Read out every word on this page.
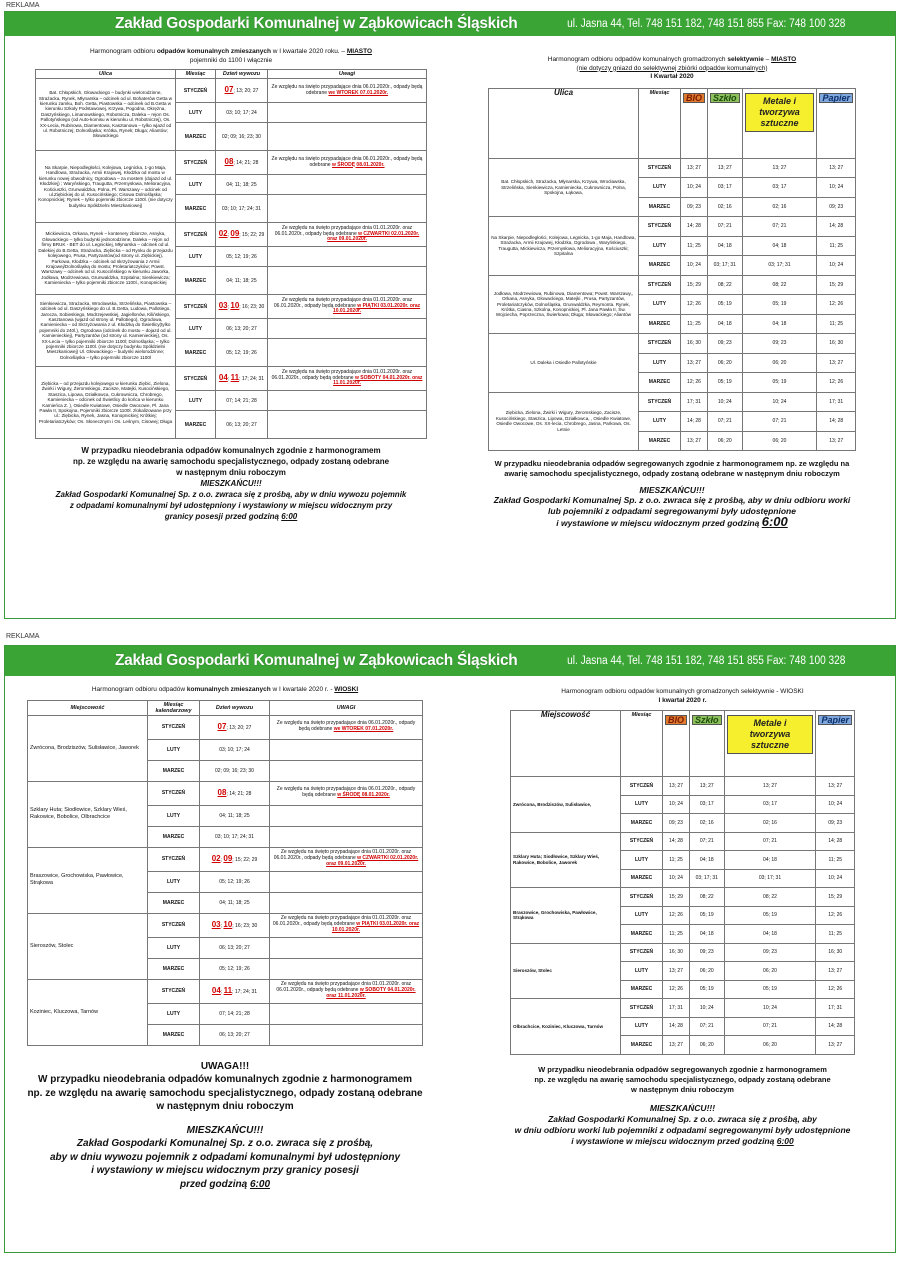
REKLAMA
Zakład Gospodarki Komunalnej w Ząbkowicach Śląskich	ul. Jasna 44, Tel. 748 151 182, 748 151 855 Fax: 748 100 328
Harmonogram odbioru odpadów komunalnych zmieszanych w I kwartale 2020 roku. – MIASTO
pojemniki do 1100 l włącznie
Ulica	Miesiąc	Dzień wywozu	Uwagi
Bat. Chłopskich, Głowackiego – budynki wielorodzinne, Strażacka, Rynek, Młynarska – odcinek od ul. Bohaterów Getta w kierunku zamku, Boh. Getta, Piastowska – odcinek od B.Getta w kierunku Szkoły Podstawowej, Krzywa, Pogodna, Okrężna, Daszyńskiego, Limanowskiego, Robotnicza, Daleka – rejon Os. Pallotyńskiego (od Auto-komisu w kierunku ul. Robotniczej), Os. XX-Lecia, Rubinowa, Diamentowa, Kasztanowa – tylko wjazd od ul. Robotniczej; Dolnośląska; Krótka, Rynek; Długa; Aliantów; Słowackiego	STYCZEŃ	07; 13; 20; 27	Ze względu na święto przypadające dnia 06.01.2020r., odpady będą odebrane we WTOREK 07.01.2020r.
	LUTY	03; 10; 17; 24	
	MARZEC	02; 09; 16; 23; 30	
Na Skarpie, Niepodległości, Kolejowa, Legnicka, 1-go Maja, Handlowa, Strażacka, Armii Krajowej, Kłodzka od mostu w kierunku nowej obwodnicy, Ogrodowa – za mostem (dojazd od ul. Kłodzkiej) ; Waryńskiego, Traugutta, Przemysłowa, Melioracyjna, Kościuszki, Grunwaldzka, Polna, Pl. Warszawy – odcinek od ul.Ziębickiej do ul. Kusocińskiego; Cisowa Dolnośląska; Konopnickiej; Rynek – tylko pojemniki zbiorcze 1100l. (nie dotyczy budynku Spółdzielni Mieszkaniowej)	STYCZEŃ	08; 14; 21; 28	Ze względu na święto przypadające dnia 06.01.2020r., odpady będą odebrane w ŚRODĘ 08.01.2020r.
	LUTY	04; 11; 18; 25	
	MARZEC	03; 10; 17; 24; 31	
Mickiewicza, Orkana, Rynek – kontenery zbiorcze, Asnyka, Głowackiego – tylko budynki jednorodzinne, Daleka – rejon od firmy BRUK - BET do ul. Legnickiej, Młynarska – odcinek od ul. Dalekiej do B.Getta, Strażacka, Ziębicka – od Rynku do przejazdu kolejowego, Prusa, Partyzantów(od strony ul. Ziębickiej), Parkowa, Kłodzka – odcinek od skrzyżowania z Armii Krajowej/Dolnośląską do mostu; Proletariatczyków; Powst. Warszawy – odcinek od ul. Kusocińskiego w kierunku Jaworka, Jodłowa, Modrzewiowa, Grunwaldzka, Szpitalna; Sienkiewicza; Kamieniecka – tylko pojemniki zbiorcze 1100l., Konopnickiej	STYCZEŃ	02; 09; 15; 22; 29	Ze względu na święto przypadające dnia 01.01.2020r. oraz 06.01.2020r., odpady będą odebrane w CZWARTKI 02.01.2020r. oraz 09.01.2020r.
	LUTY	05; 12; 19; 26	
	MARZEC	04; 11; 18; 25	
Sienkiewicza, Strażacka, Wrocławska, Strzelińska, Piastowska – odcinek od ul. Daszyńskiego do ul. B.Getta, Ludowa, Pallotiego, Jarocza, Sobieskiego, Modrzejewskiej, Jagiellonów, Kilińskiego, Kasztanowa (wjazd od strony ul. Pallotiego), Ogrodowa, Kamieniecka – od Skrzyżowania z ul. Kłodzką do Świetlicy(tylko pojemniki do 240l.), Ogrodowa (odcinek do mostu – dojazd od ul. Kamienieckiej), Partyzantów (od strony ul. Kamienieckiej), Os. XX-Lecia – tylko pojemniki zbiorcze 1100l; Dolnośląska; – tylko pojemniki zbiorcze 1100l. (nie dotyczy budynku Spółdzielni Mieszkaniowej) Ul. Głowackiego – budynki wielorodzinne; Dolnośląska – tylko pojemniki zbiorcze 1100l	STYCZEŃ	03; 10; 16; 23; 30	Ze względu na święto przypadające dnia 01.01.2020r. oraz 06.01.2020r., odpady będą odebrane w PIĄTKI 03.01.2020r. oraz 10.01.2020r.
	LUTY	06; 13; 20; 27	
	MARZEC	05; 12; 19; 26	
Ziębicka – od przejazdu kolejowego w kierunku Ziębic, Zielona, Żwirki i Wigury, Żeromskiego, Zacisze, Matejki, Kusocińskiego, Staszica, Lipowa, Działkowca, Cukrownicza, Chrobrego, Kamieniecka – odcinek od Świetlicy do końca w kierunku Kamieńca Z. ), Osiedle Kwiatowe, Osiedle Owocowe, Pl. Jana Pawła II, Spokojna, Pojemniki zbiorcze 1100l. zlokalizowane przy ul.: Ziębicka, Rynek, Jasna, Konopnickiej; Krótkiej; Proletariatczyków; Os. Słonecznym i Os. Leśnym, Cisowej; Długa	STYCZEŃ	04; 11; 17; 24; 31	Ze względu na święto przypadające dnia 01.01.2020r. oraz 06.01.2020r., odpady będą odebrane w SOBOTY 04.01.2020r. oraz 11.01.2020r.
	LUTY	07; 14; 21; 28	
	MARZEC	06; 13; 20; 27	
W przypadku nieodebrania odpadów komunalnych zgodnie z harmonogramem
np. ze względu na awarię samochodu specjalistycznego, odpady zostaną odebrane
w następnym dniu roboczym
MIESZKAŃCU!!!
Zakład Gospodarki Komunalnej Sp. z o.o. zwraca się z prośbą, aby w dniu wywozu pojemnik z odpadami komunalnymi był udostępniony i wystawiony w miejscu widocznym przy granicy posesji przed godziną 6:00
Harmonogram odbioru odpadów komunalnych gromadzonych selektywnie – MIASTO
(nie dotyczy gniazd do selektywnej zbiórki odpadów komunalnych)
I Kwartał 2020
Ulica	Miesiąc	BIO	Szkło	Metale i tworzywa sztuczne	Papier
Bat. Chłopskich, Strażacka, Młynarska, Krzywa, Wrocławska, Strzelińska, Sienkiewicza, Kamieniecka, Cukrownicza, Polna, Spokojna, Łąkowa,	STYCZEŃ	13; 27	13; 27	13; 27	13; 27
	LUTY	10; 24	03; 17	03; 17	10; 24
	MARZEC	09; 23	02; 16	02; 16	09; 23
Na Skarpie, Niepodległości, Kolejowa, Legnicka, 1-go Maja, Handlowa, Strażacka, Armii Krajowej, Kłodzka, Ogrodowa , Waryńskiego, Traugutta, Mickiewicza, Przemysłowa, Melioracyjna, Kościuszki; Szpitalna	STYCZEŃ	14; 28	07; 21	07; 21	14; 28
	LUTY	11; 25	04; 18	04; 18	11; 25
	MARZEC	10; 24	03; 17; 31	03; 17; 31	10; 24
Jodłowa, Modrzewiowa, Rubinowa, Diamentowa; Powst. Warszawy,, Orkana, Asnyka, Głowackiego, Matejki , Prusa, Partyzantów, Proletariatczyków, Dolnośląska, Grunwaldzka, Reymonta. Rynek, Krótka, Ciasna, Szkolna, Konopnickiej, Pl. Jana Pawła II, Św. Wojciecha, Poprzeczna, Świerkowa; Długa; Słowackiego; Aliantów	STYCZEŃ	15; 29	08; 22	08; 22	15; 29
	LUTY	12; 26	05; 19	05; 19	12; 26
	MARZEC	11; 25	04; 18	04; 18	11; 25
Ul. Daleka i Osiedle Pallotyńskie	STYCZEŃ	16; 30	09; 23	09; 23	16; 30
	LUTY	13; 27	06; 20	06; 20	13; 27
	MARZEC	12; 26	05; 19	05; 19	12; 26
Ziębicka, Zielona, Żwirki i Wigury, Żeromskiego, Zacisze, Kusocińskiego, Staszica, Lipowa, Działkowca, , Osiedle Kwiatowe, Osiedle Owocowe, Os. XX-lecia, Chrobrego, Jasna, Parkowa, Os. Letnie	STYCZEŃ	17; 31	10; 24	10; 24	17; 31
	LUTY	14; 28	07; 21	07; 21	14; 28
	MARZEC	13; 27	06; 20	06; 20	13; 27
W przypadku nieodebrania odpadów segregowanych zgodnie z harmonogramem np. ze względu na awarię samochodu specjalistycznego, odpady zostaną odebrane w następnym dniu roboczym
MIESZKAŃCU!!!
Zakład Gospodarki Komunalnej Sp. z o.o. zwraca się z prośbą, aby w dniu odbioru worki lub pojemniki z odpadami segregowanymi były udostępnione
i wystawione w miejscu widocznym przed godziną 6:00
REKLAMA
Zakład Gospodarki Komunalnej w Ząbkowicach Śląskich	ul. Jasna 44, Tel. 748 151 182, 748 151 855 Fax: 748 100 328
Harmonogram odbioru odpadów komunalnych zmieszanych w I kwartale 2020 r. - WIOSKI
Miejscowość	Miesiąc kalendarzowy	Dzień wywozu	UWAGI
Zwrócona, Brodziszów, Sulisławice, Jaworek	STYCZEŃ	07; 13; 20; 27	Ze względu na święto przypadające dnia 06.01.2020r., odpady będą odebrane we WTOREK 07.01.2020r.
	LUTY	03; 10; 17; 24	
	MARZEC	02; 09; 16; 23; 30	
Szklary Huta; Siodłowice, Szklary Wieś, Rakowice, Bobolice, Olbrachcice	STYCZEŃ	08; 14; 21; 28	Ze względu na święto przypadające dnia 06.01.2020r., odpady będą odebrane w ŚRODĘ 08.01.2020r.
	LUTY	04; 11; 18; 25	
	MARZEC	03; 10; 17; 24; 31	
Braszowice, Grochowiska, Pawłowice, Strąkowa	STYCZEŃ	02; 09; 15; 22; 29	Ze względu na święto przypadające dnia 01.01.2020r. oraz 06.01.2020r., odpady będą odebrane w CZWARTKI 02.01.2020r. oraz 09.01.2020r.
	LUTY	05; 12; 19; 26	
	MARZEC	04; 11; 18; 25	
Sieroszów, Stolec	STYCZEŃ	03; 10; 16; 23; 30	Ze względu na święto przypadające dnia 01.01.2020r. oraz 06.01.2020r., odpady będą odebrane w PIĄTKI 03.01.2020r. oraz 10.01.2020r.
	LUTY	06; 13; 20; 27	
	MARZEC	05; 12; 19; 26	
Koziniec, Kluczowa, Tarnów	STYCZEŃ	04; 11; 17; 24; 31	Ze względu na święto przypadające dnia 01.01.2020r. oraz 06.01.2020r., odpady będą odebrane w SOBOTY 04.01.2020r. oraz 11.01.2020r.
	LUTY	07; 14; 21; 28	
	MARZEC	06; 13; 20; 27	
UWAGA!!!
W przypadku nieodebrania odpadów komunalnych zgodnie z harmonogramem
np. ze względu na awarię samochodu specjalistycznego, odpady zostaną odebrane
w następnym dniu roboczym
MIESZKAŃCU!!!
Zakład Gospodarki Komunalnej Sp. z o.o. zwraca się z prośbą,
aby w dniu wywozu pojemnik z odpadami komunalnymi był udostępniony
i wystawiony w miejscu widocznym przy granicy posesji
przed godziną 6:00
Harmonogram odbioru odpadów komunalnych gromadzonych selektywnie - WIOSKI
I kwartał 2020 r.
Miejscowość	Miesiąc	BIO	Szkło	Metale i tworzywa sztuczne	Papier
Zwrócona, Brodziszów, Sulisławice,	STYCZEŃ	13; 27	13; 27	13; 27	13; 27
	LUTY	10; 24	03; 17	03; 17	10; 24
	MARZEC	09; 23	02; 16	02; 16	09; 23
Szklary Huta; Siodłowice, Szklary Wieś, Rakowice, Bobolice, Jaworek	STYCZEŃ	14; 28	07; 21	07; 21	14; 28
	LUTY	11; 25	04; 18	04; 18	11; 25
	MARZEC	10; 24	03; 17; 31	03; 17; 31	10; 24
Braszowice, Grochowiska, Pawłowice, Strąkowa	STYCZEŃ	15; 29	08; 22	08; 22	15; 29
	LUTY	12; 26	05; 19	05; 19	12; 26
	MARZEC	11; 25	04; 18	04; 18	11; 25
Sieroszów, Stolec	STYCZEŃ	16; 30	09; 23	09; 23	16; 30
	LUTY	13; 27	06; 20	06; 20	13; 27
	MARZEC	12; 26	05; 19	05; 19	12; 26
Olbrachcice, Koziniec, Kluczowa, Tarnów	STYCZEŃ	17; 31	10; 24	10; 24	17; 31
	LUTY	14; 28	07; 21	07; 21	14; 28
	MARZEC	13; 27	06; 20	06; 20	13; 27
W przypadku nieodebrania odpadów segregowanych zgodnie z harmonogramem
np. ze względu na awarię samochodu specjalistycznego, odpady zostaną odebrane
w następnym dniu roboczym
MIESZKAŃCU!!!
Zakład Gospodarki Komunalnej Sp. z o.o. zwraca się z prośbą, aby
w dniu odbioru worki lub pojemniki z odpadami segregowanymi były udostępnione
i wystawione w miejscu widocznym przed godziną 6:00
